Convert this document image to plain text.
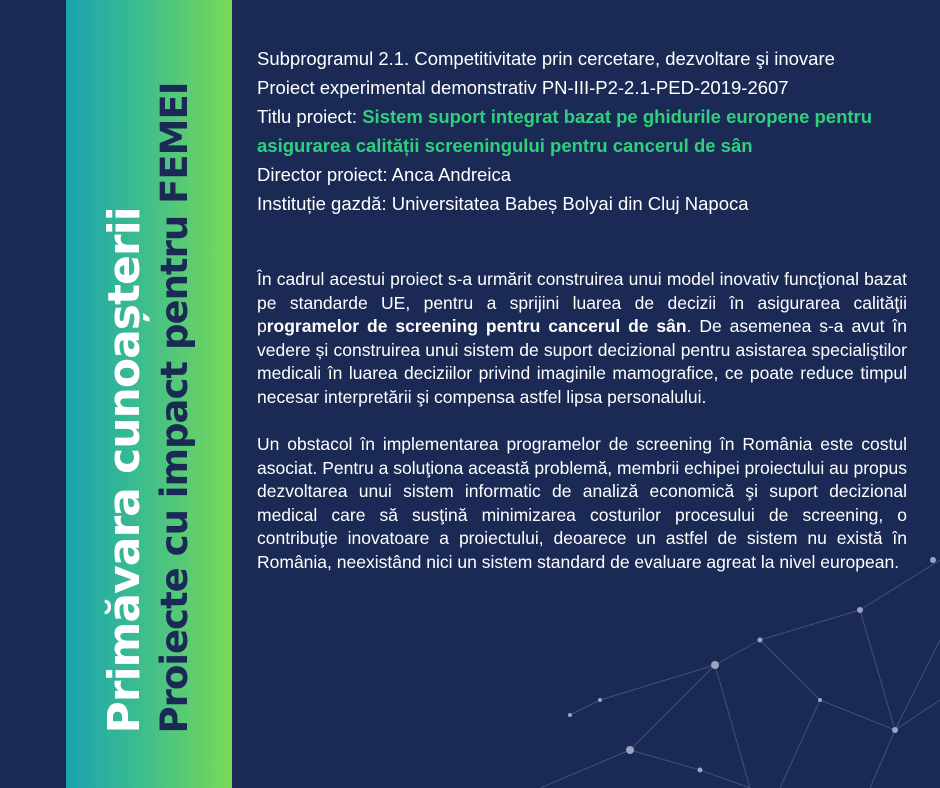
Primăvara cunoașterii Proiecte cu impact pentru FEMEI

Subprogramul 2.1. Competitivitate prin cercetare, dezvoltare şi inovare

Proiect experimental demonstrativ PN-III-P2-2.1-PED-2019-2607

Titlu proiect: Sistem suport integrat bazat pe ghidurile europene pentru asigurarea calității screeningului pentru cancerul de sân

Director proiect: Anca Andreica

Instituție gazdă: Universitatea Babeș Bolyai din Cluj Napoca

În cadrul acestui proiect s-a urmărit construirea unui model inovativ funcţional bazat pe standarde UE, pentru a sprijini luarea de decizii în asigurarea calităţii programelor de screening pentru cancerul de sân. De asemenea s-a avut în vedere și construirea unui sistem de suport decizional pentru asistarea specialiştilor medicali în luarea deciziilor privind imaginile mamografice, ce poate reduce timpul necesar interpretării şi compensa astfel lipsa personalului.

Un obstacol în implementarea programelor de screening în România este costul asociat. Pentru a soluţiona această problemă, membrii echipei proiectului au propus dezvoltarea unui sistem informatic de analiză economică şi suport decizional medical care să susţină minimizarea costurilor procesului de screening, o contribuţie inovatoare a proiectului, deoarece un astfel de sistem nu există în România, neexistând nici un sistem standard de evaluare agreat la nivel european.
